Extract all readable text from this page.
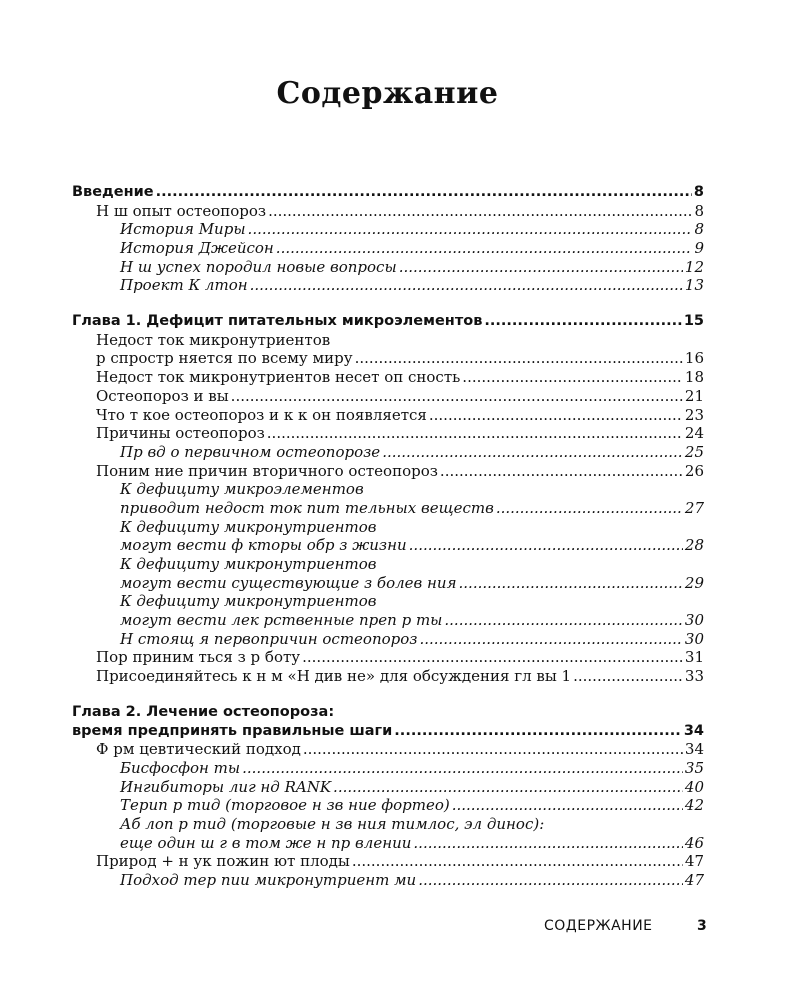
Содержание
Введение .....	8
Н ш опыт остеопороз .....	8
История Миры .....	8
История Джейсон .....	9
Н ш успех породил новые вопросы .....	12
Проект К лтон .....	13
Глава 1. Дефицит питательных микроэлементов .....	15
Недост ток микронутриентов
р спростр няется по всему миру .....	16
Недост ток микронутриентов несет оп сность .....	18
Остеопороз и вы .....	21
Что т кое остеопороз и к к он появляется .....	23
Причины остеопороз .....	24
Пр вд о первичном остеопорозе .....	25
Поним ние причин вторичного остеопороз .....	26
К дефициту микроэлементов
приводит недост ток пит тельных веществ .....	27
К дефициту микронутриентов
могут вести ф кторы обр з жизни .....	28
К дефициту микронутриентов
могут вести существующие з болев ния .....	29
К дефициту микронутриентов
могут вести лек рственные преп р ты .....	30
Н стоящ я первопричин остеопороз .....	30
Пор приним ться з р боту .....	31
Присоединяйтесь к н м «Н див не» для обсуждения гл вы 1 .....	33
Глава 2. Лечение остеопороза:
время предпринять правильные шаги .....	34
Ф рм цевтический подход .....	34
Бисфосфон ты .....	35
Ингибиторы лиг нд RANK .....	40
Терип р тид (торговое н зв ние фортео) .....	42
Аб лоп р тид (торговые н зв ния тимлос, эл динос):
еще один ш г в том же н пр влении .....	46
Природ + н ук пожин ют плоды .....	47
Подход тер пии микронутриент ми .....	47
СОДЕРЖАНИЕ	3
